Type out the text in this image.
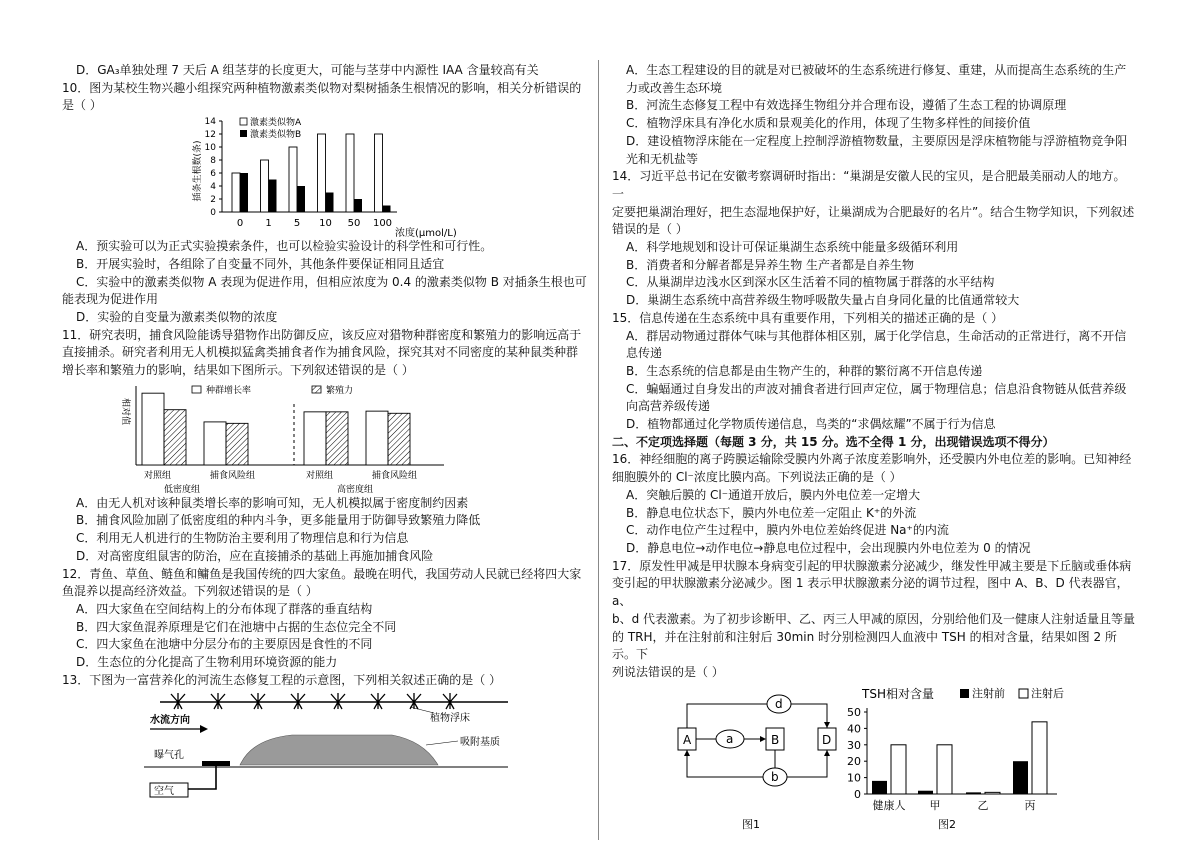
D．GA₃单独处理 7 天后 A 组茎芽的长度更大，可能与茎芽中内源性 IAA 含量较高有关

10．图为某校生物兴趣小组探究两种植物激素类似物对梨树插条生根情况的影响，相关分析错误的

是（ ）

插条生根数(条)
0
2
4
6
8
10
12
14
0 1 5 10 50 100
浓度(μmol/L)
激素类似物A
激素类似物B

A．预实验可以为正式实验摸索条件，也可以检验实验设计的科学性和可行性。

B．开展实验时，各组除了自变量不同外，其他条件要保证相同且适宜

C．实验中的激素类似物 A 表现为促进作用，但相应浓度为 0.4 的激素类似物 B 对插条生根也可

能表现为促进作用

D．实验的自变量为激素类似物的浓度

11．研究表明，捕食风险能诱导猎物作出防御反应，该反应对猎物种群密度和繁殖力的影响远高于

直接捕杀。研究者利用无人机模拟猛禽类捕食者作为捕食风险，探究其对不同密度的某种鼠类种群

增长率和繁殖力的影响，结果如下图所示。下列叙述错误的是（ ）

相对值
种群增长率	繁殖力
对照组	捕食风险组	对照组	捕食风险组
低密度组	高密度组

A．由无人机对该种鼠类增长率的影响可知，无人机模拟属于密度制约因素

B．捕食风险加剧了低密度组的种内斗争，更多能量用于防御导致繁殖力降低

C．利用无人机进行的生物防治主要利用了物理信息和行为信息

D．对高密度组鼠害的防治，应在直接捕杀的基础上再施加捕食风险

12．青鱼、草鱼、鲢鱼和鳙鱼是我国传统的四大家鱼。最晚在明代，我国劳动人民就已经将四大家

鱼混养以提高经济效益。下列叙述错误的是（ ）

A．四大家鱼在空间结构上的分布体现了群落的垂直结构

B．四大家鱼混养原理是它们在池塘中占据的生态位完全不同

C．四大家鱼在池塘中分层分布的主要原因是食性的不同

D．生态位的分化提高了生物利用环境资源的能力

13．下图为一富营养化的河流生态修复工程的示意图，下列相关叙述正确的是（ ）

植物浮床
水流方向
吸附基质
曝气孔
空气

A．生态工程建设的目的就是对已被破坏的生态系统进行修复、重建，从而提高生态系统的生产

力或改善生态环境

B．河流生态修复工程中有效选择生物组分并合理布设，遵循了生态工程的协调原理

C．植物浮床具有净化水质和景观美化的作用，体现了生物多样性的间接价值

D．建设植物浮床能在一定程度上控制浮游植物数量，主要原因是浮床植物能与浮游植物竞争阳

光和无机盐等

14．习近平总书记在安徽考察调研时指出：“巢湖是安徽人民的宝贝，是合肥最美丽动人的地方。一

定要把巢湖治理好，把生态湿地保护好，让巢湖成为合肥最好的名片”。结合生物学知识，下列叙述

错误的是（ ）

A．科学地规划和设计可保证巢湖生态系统中能量多级循环利用

B．消费者和分解者都是异养生物 生产者都是自养生物

C．从巢湖岸边浅水区到深水区生活着不同的植物属于群落的水平结构

D．巢湖生态系统中高营养级生物呼吸散失量占自身同化量的比值通常较大

15．信息传递在生态系统中具有重要作用，下列相关的描述正确的是（ ）

A．群居动物通过群体气味与其他群体相区别，属于化学信息，生命活动的正常进行，离不开信

息传递

B．生态系统的信息都是由生物产生的，种群的繁衍离不开信息传递

C．蝙蝠通过自身发出的声波对捕食者进行回声定位，属于物理信息；信息沿食物链从低营养级

向高营养级传递

D．植物都通过化学物质传递信息，鸟类的“求偶炫耀”不属于行为信息

二、不定项选择题（每题 3 分，共 15 分。选不全得 1 分，出现错误选项不得分）

16．神经细胞的离子跨膜运输除受膜内外离子浓度差影响外，还受膜内外电位差的影响。已知神经

细胞膜外的 Cl⁻浓度比膜内高。下列说法正确的是（ ）

A．突触后膜的 Cl⁻通道开放后，膜内外电位差一定增大

B．静息电位状态下，膜内外电位差一定阻止 K⁺的外流

C．动作电位产生过程中，膜内外电位差始终促进 Na⁺的内流

D．静息电位→动作电位→静息电位过程中，会出现膜内外电位差为 0 的情况

17．原发性甲减是甲状腺本身病变引起的甲状腺激素分泌减少，继发性甲减主要是下丘脑或垂体病

变引起的甲状腺激素分泌减少。图 1 表示甲状腺激素分泌的调节过程，图中 A、B、D 代表器官，a、

b、d 代表激素。为了初步诊断甲、乙、丙三人甲减的原因，分别给他们及一健康人注射适量且等量

的 TRH，并在注射前和注射后 30min 时分别检测四人血液中 TSH 的相对含量，结果如图 2 所示。下

列说法错误的是（ ）

A	B	D
a
d
b
图1
TSH相对含量	注射前 注射后
0
10
20
30
40
50
健康人 甲	乙	丙
图2
